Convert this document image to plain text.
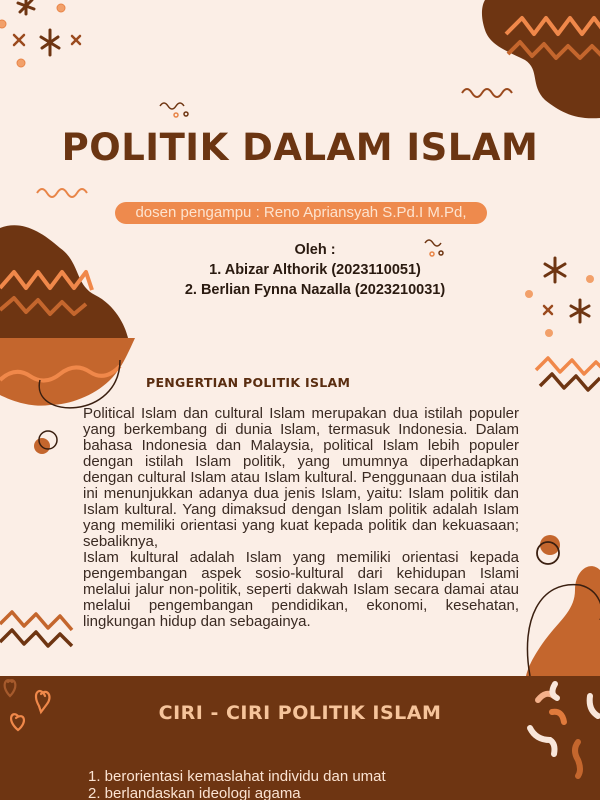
POLITIK DALAM ISLAM
dosen pengampu : Reno Apriansyah S.Pd.I M.Pd,
Oleh :
1. Abizar Althorik (2023110051)
2. Berlian Fynna Nazalla (2023210031)
PENGERTIAN POLITIK ISLAM

Political Islam dan cultural Islam merupakan dua istilah populer yang berkembang di dunia Islam, termasuk Indonesia. Dalam bahasa Indonesia dan Malaysia, political Islam lebih populer dengan istilah Islam politik, yang umumnya diperhadapkan dengan cultural Islam atau Islam kultural. Penggunaan dua istilah ini menunjukkan adanya dua jenis Islam, yaitu: Islam politik dan Islam kultural. Yang dimaksud dengan Islam politik adalah Islam yang memiliki orientasi yang kuat kepada politik dan kekuasaan; sebaliknya,

Islam kultural adalah Islam yang memiliki orientasi kepada pengembangan aspek sosio-kultural dari kehidupan Islami melalui jalur non-politik, seperti dakwah Islam secara damai atau melalui pengembangan pendidikan, ekonomi, kesehatan, lingkungan hidup dan sebagainya.

CIRI - CIRI POLITIK ISLAM
1. berorientasi kemaslahat individu dan umat
2. berlandaskan ideologi agama
